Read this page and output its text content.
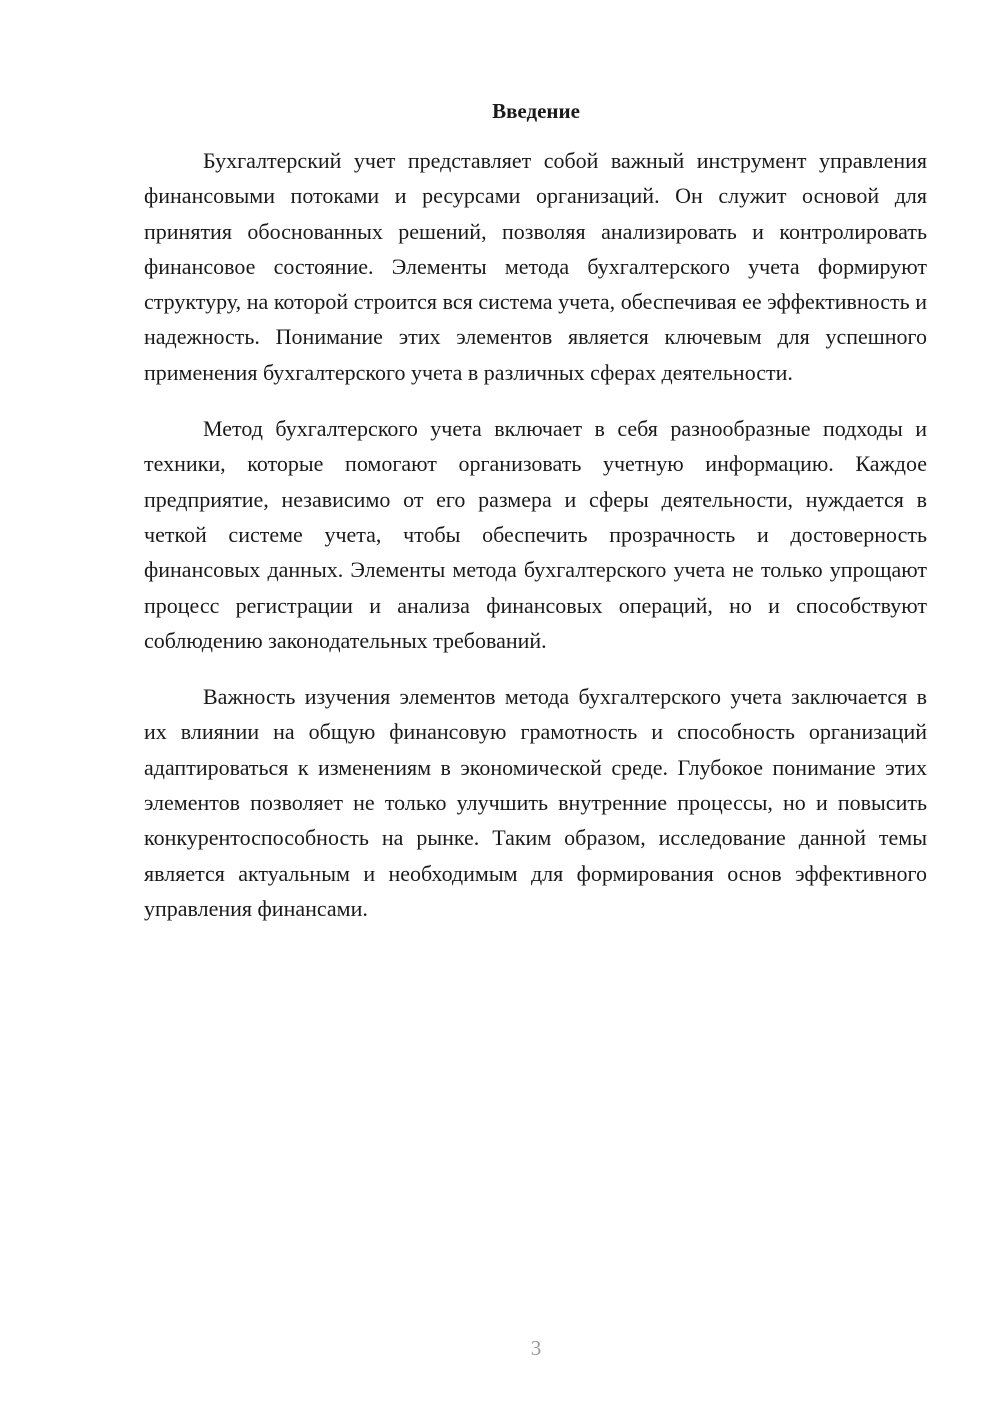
Введение

Бухгалтерский учет представляет собой важный инструмент управления финансовыми потоками и ресурсами организаций. Он служит основой для принятия обоснованных решений, позволяя анализировать и контролировать финансовое состояние. Элементы метода бухгалтерского учета формируют структуру, на которой строится вся система учета, обеспечивая ее эффективность и надежность. Понимание этих элементов является ключевым для успешного применения бухгалтерского учета в различных сферах деятельности.

Метод бухгалтерского учета включает в себя разнообразные подходы и техники, которые помогают организовать учетную информацию. Каждое предприятие, независимо от его размера и сферы деятельности, нуждается в четкой системе учета, чтобы обеспечить прозрачность и достоверность финансовых данных. Элементы метода бухгалтерского учета не только упрощают процесс регистрации и анализа финансовых операций, но и способствуют соблюдению законодательных требований.

Важность изучения элементов метода бухгалтерского учета заключается в их влиянии на общую финансовую грамотность и способность организаций адаптироваться к изменениям в экономической среде. Глубокое понимание этих элементов позволяет не только улучшить внутренние процессы, но и повысить конкурентоспособность на рынке. Таким образом, исследование данной темы является актуальным и необходимым для формирования основ эффективного управления финансами.

3
